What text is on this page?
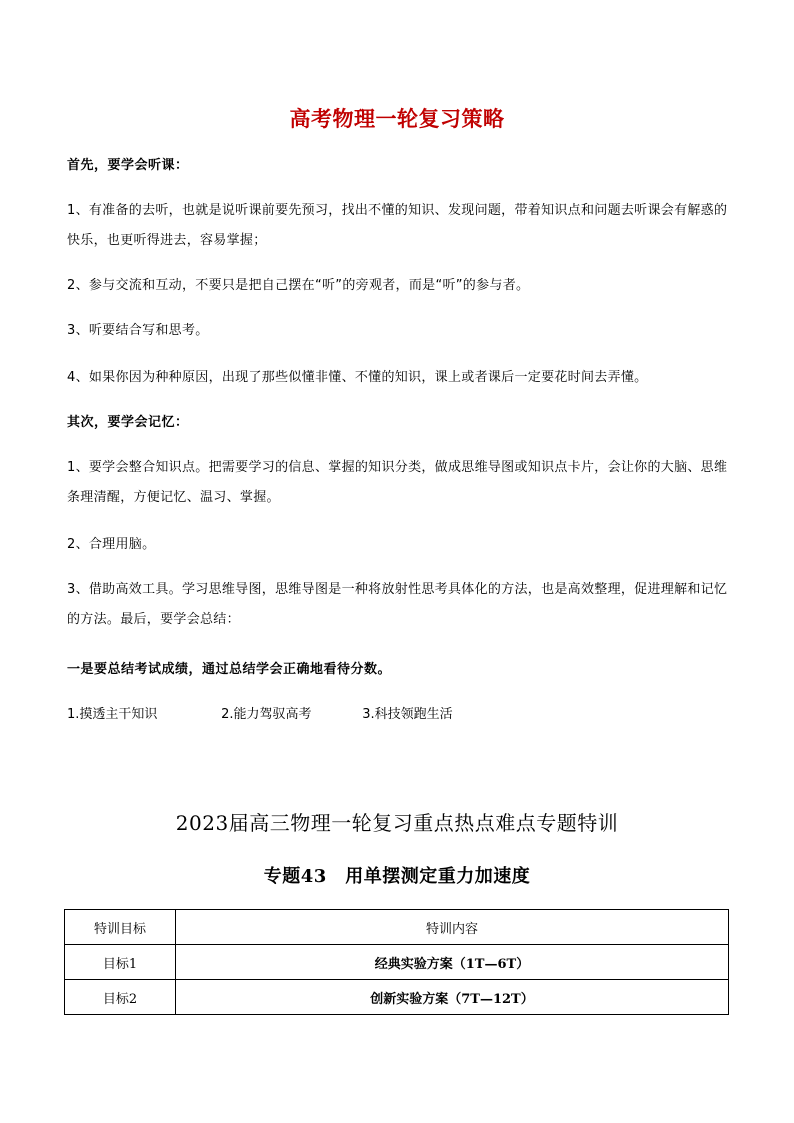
高考物理一轮复习策略
首先，要学会听课：
1、有准备的去听，也就是说听课前要先预习，找出不懂的知识、发现问题，带着知识点和问题去听课会有解惑的快乐，也更听得进去，容易掌握；
2、参与交流和互动，不要只是把自己摆在“听”的旁观者，而是“听”的参与者。
3、听要结合写和思考。
4、如果你因为种种原因，出现了那些似懂非懂、不懂的知识，课上或者课后一定要花时间去弄懂。
其次，要学会记忆：
1、要学会整合知识点。把需要学习的信息、掌握的知识分类，做成思维导图或知识点卡片，会让你的大脑、思维条理清醒，方便记忆、温习、掌握。
2、合理用脑。
3、借助高效工具。学习思维导图，思维导图是一种将放射性思考具体化的方法，也是高效整理，促进理解和记忆的方法。最后，要学会总结：
一是要总结考试成绩，通过总结学会正确地看待分数。
1.摸透主干知识	2.能力驾驭高考	3.科技领跑生活
2023届高三物理一轮复习重点热点难点专题特训
专题43　用单摆测定重力加速度
特训目标	特训内容
目标1	经典实验方案（1T—6T）
目标2	创新实验方案（7T—12T）
